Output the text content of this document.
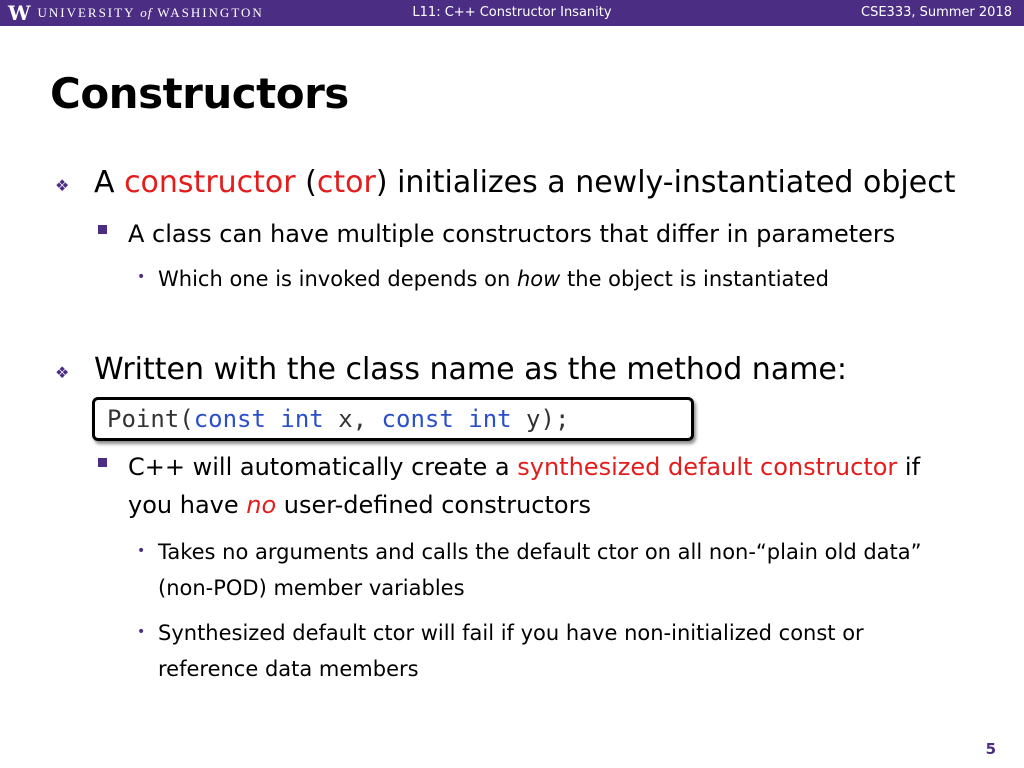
W UNIVERSITY of WASHINGTON	L11: C++ Constructor Insanity	CSE333, Summer 2018
Constructors
❖ A constructor (ctor) initializes a newly-instantiated object
A class can have multiple constructors that differ in parameters
• Which one is invoked depends on how the object is instantiated
❖ Written with the class name as the method name:
Point(const int x, const int y);
C++ will automatically create a synthesized default constructor if you have no user-defined constructors
• Takes no arguments and calls the default ctor on all non-“plain old data” (non-POD) member variables
• Synthesized default ctor will fail if you have non-initialized const or reference data members
5
